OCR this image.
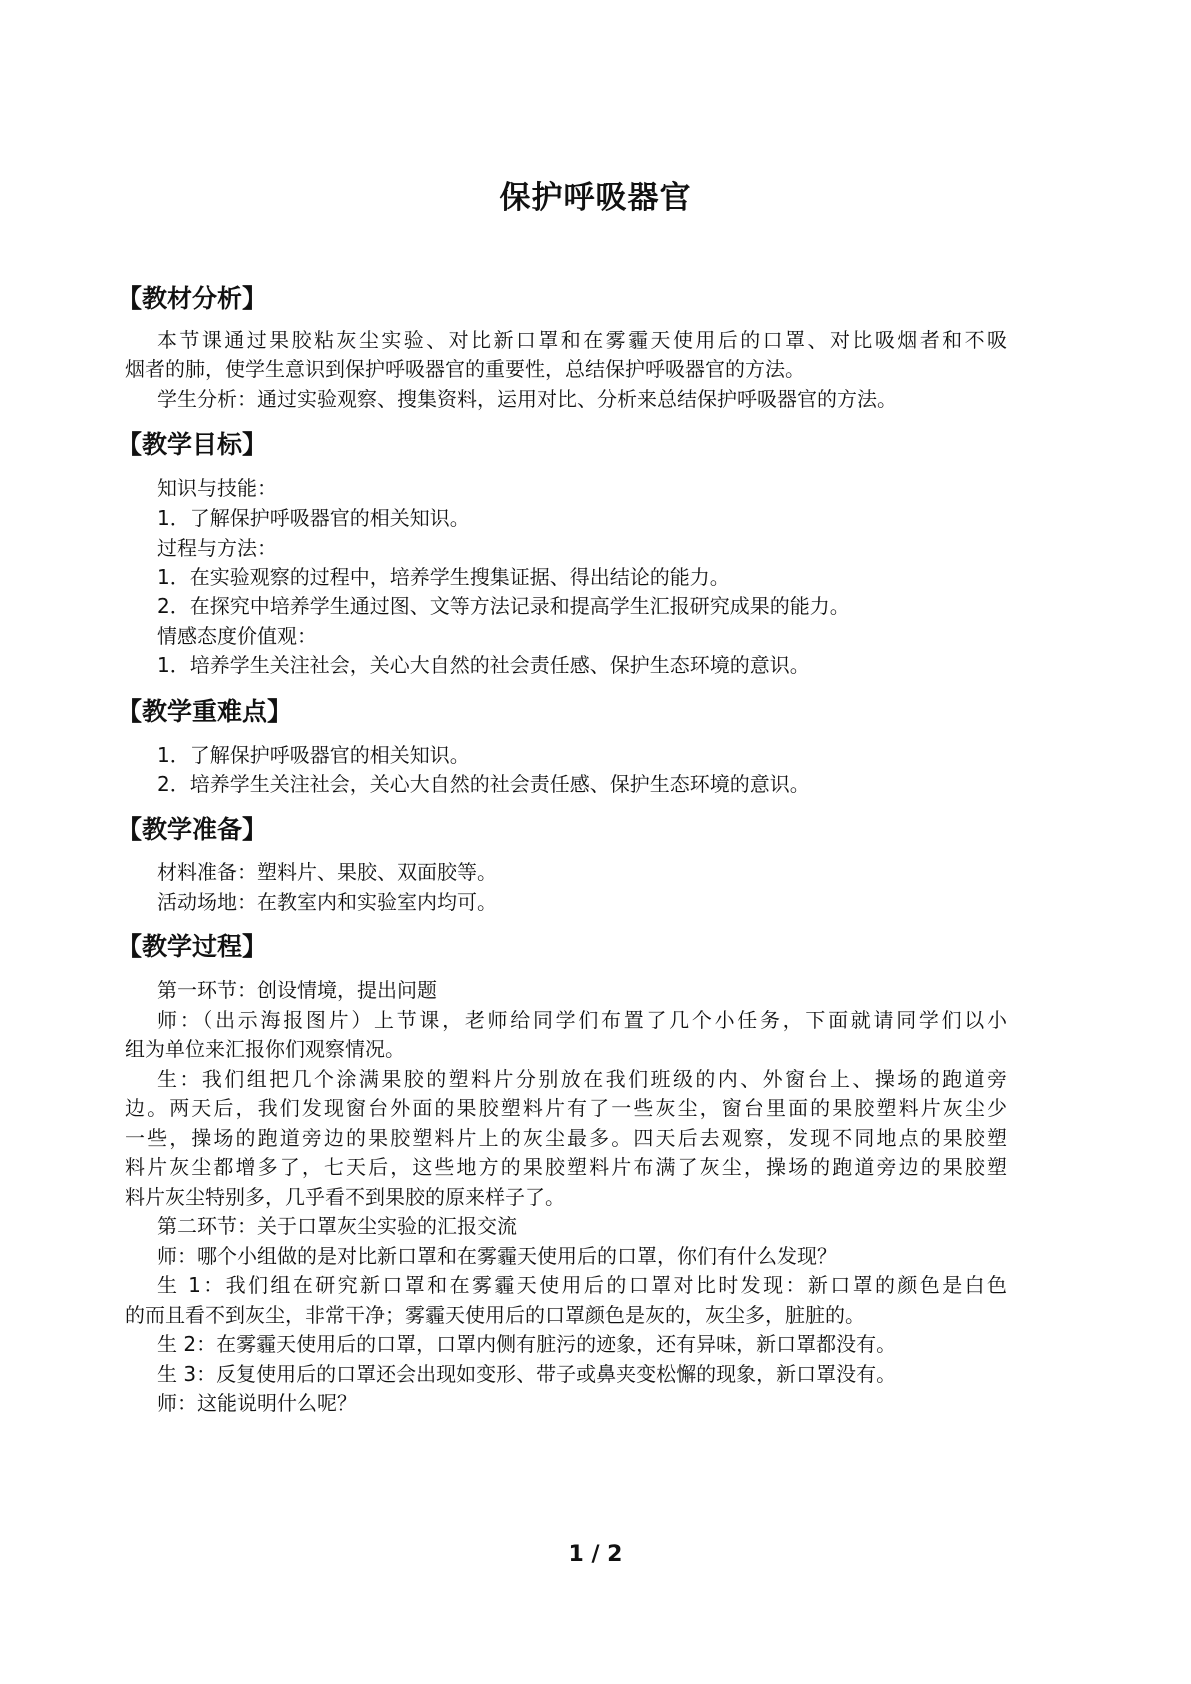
保护呼吸器官
【教材分析】
本节课通过果胶粘灰尘实验、对比新口罩和在雾霾天使用后的口罩、对比吸烟者和不吸
烟者的肺，使学生意识到保护呼吸器官的重要性，总结保护呼吸器官的方法。
学生分析：通过实验观察、搜集资料，运用对比、分析来总结保护呼吸器官的方法。
【教学目标】
知识与技能：
1．了解保护呼吸器官的相关知识。
过程与方法：
1．在实验观察的过程中，培养学生搜集证据、得出结论的能力。
2．在探究中培养学生通过图、文等方法记录和提高学生汇报研究成果的能力。
情感态度价值观：
1．培养学生关注社会，关心大自然的社会责任感、保护生态环境的意识。
【教学重难点】
1．了解保护呼吸器官的相关知识。
2．培养学生关注社会，关心大自然的社会责任感、保护生态环境的意识。
【教学准备】
材料准备：塑料片、果胶、双面胶等。
活动场地：在教室内和实验室内均可。
【教学过程】
第一环节：创设情境，提出问题
师：（出示海报图片）上节课，老师给同学们布置了几个小任务，下面就请同学们以小
组为单位来汇报你们观察情况。
生：我们组把几个涂满果胶的塑料片分别放在我们班级的内、外窗台上、操场的跑道旁
边。两天后，我们发现窗台外面的果胶塑料片有了一些灰尘，窗台里面的果胶塑料片灰尘少
一些，操场的跑道旁边的果胶塑料片上的灰尘最多。四天后去观察，发现不同地点的果胶塑
料片灰尘都增多了，七天后，这些地方的果胶塑料片布满了灰尘，操场的跑道旁边的果胶塑
料片灰尘特别多，几乎看不到果胶的原来样子了。
第二环节：关于口罩灰尘实验的汇报交流
师：哪个小组做的是对比新口罩和在雾霾天使用后的口罩，你们有什么发现？
生 1：我们组在研究新口罩和在雾霾天使用后的口罩对比时发现：新口罩的颜色是白色
的而且看不到灰尘，非常干净；雾霾天使用后的口罩颜色是灰的，灰尘多，脏脏的。
生 2：在雾霾天使用后的口罩，口罩内侧有脏污的迹象，还有异味，新口罩都没有。
生 3：反复使用后的口罩还会出现如变形、带子或鼻夹变松懈的现象，新口罩没有。
师：这能说明什么呢？
1 / 2
